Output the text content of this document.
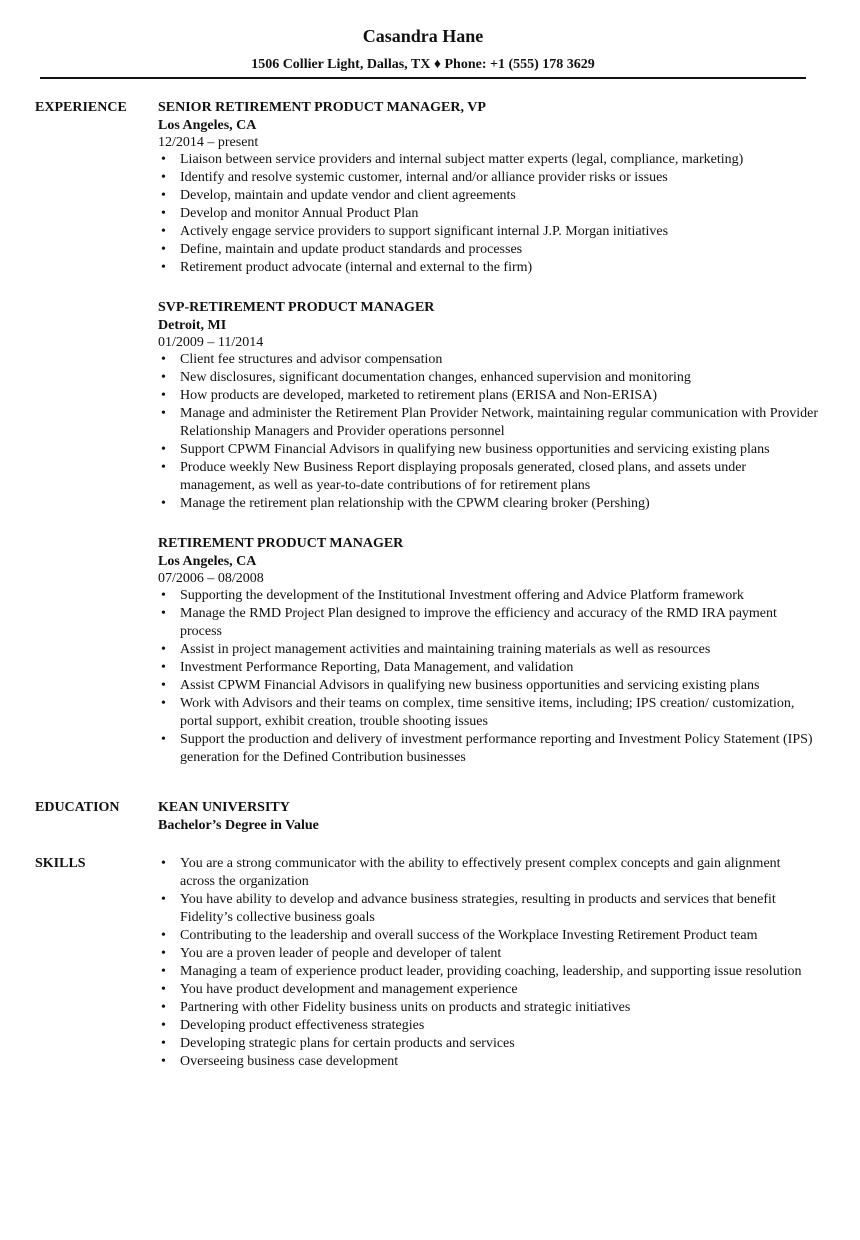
Casandra Hane
1506 Collier Light, Dallas, TX ♦ Phone: +1 (555) 178 3629
EXPERIENCE SENIOR RETIREMENT PRODUCT MANAGER, VP
Los Angeles, CA
12/2014 – present
• Liaison between service providers and internal subject matter experts (legal, compliance, marketing)
• Identify and resolve systemic customer, internal and/or alliance provider risks or issues
• Develop, maintain and update vendor and client agreements
• Develop and monitor Annual Product Plan
• Actively engage service providers to support significant internal J.P. Morgan initiatives
• Define, maintain and update product standards and processes
• Retirement product advocate (internal and external to the firm)
SVP-RETIREMENT PRODUCT MANAGER
Detroit, MI
01/2009 – 11/2014
• Client fee structures and advisor compensation
• New disclosures, significant documentation changes, enhanced supervision and monitoring
• How products are developed, marketed to retirement plans (ERISA and Non-ERISA)
• Manage and administer the Retirement Plan Provider Network, maintaining regular communication with Provider Relationship Managers and Provider operations personnel
• Support CPWM Financial Advisors in qualifying new business opportunities and servicing existing plans
• Produce weekly New Business Report displaying proposals generated, closed plans, and assets under management, as well as year-to-date contributions of for retirement plans
• Manage the retirement plan relationship with the CPWM clearing broker (Pershing)
RETIREMENT PRODUCT MANAGER
Los Angeles, CA
07/2006 – 08/2008
• Supporting the development of the Institutional Investment offering and Advice Platform framework
• Manage the RMD Project Plan designed to improve the efficiency and accuracy of the RMD IRA payment process
• Assist in project management activities and maintaining training materials as well as resources
• Investment Performance Reporting, Data Management, and validation
• Assist CPWM Financial Advisors in qualifying new business opportunities and servicing existing plans
• Work with Advisors and their teams on complex, time sensitive items, including; IPS creation/ customization, portal support, exhibit creation, trouble shooting issues
• Support the production and delivery of investment performance reporting and Investment Policy Statement (IPS) generation for the Defined Contribution businesses
EDUCATION	KEAN UNIVERSITY
Bachelor’s Degree in Value
SKILLS
•	You are a strong communicator with the ability to effectively present complex concepts and gain alignment across the organization
• You have ability to develop and advance business strategies, resulting in products and services that benefit Fidelity’s collective business goals
• Contributing to the leadership and overall success of the Workplace Investing Retirement Product team
• You are a proven leader of people and developer of talent
• Managing a team of experience product leader, providing coaching, leadership, and supporting issue resolution
• You have product development and management experience
• Partnering with other Fidelity business units on products and strategic initiatives
• Developing product effectiveness strategies
• Developing strategic plans for certain products and services
• Overseeing business case development
